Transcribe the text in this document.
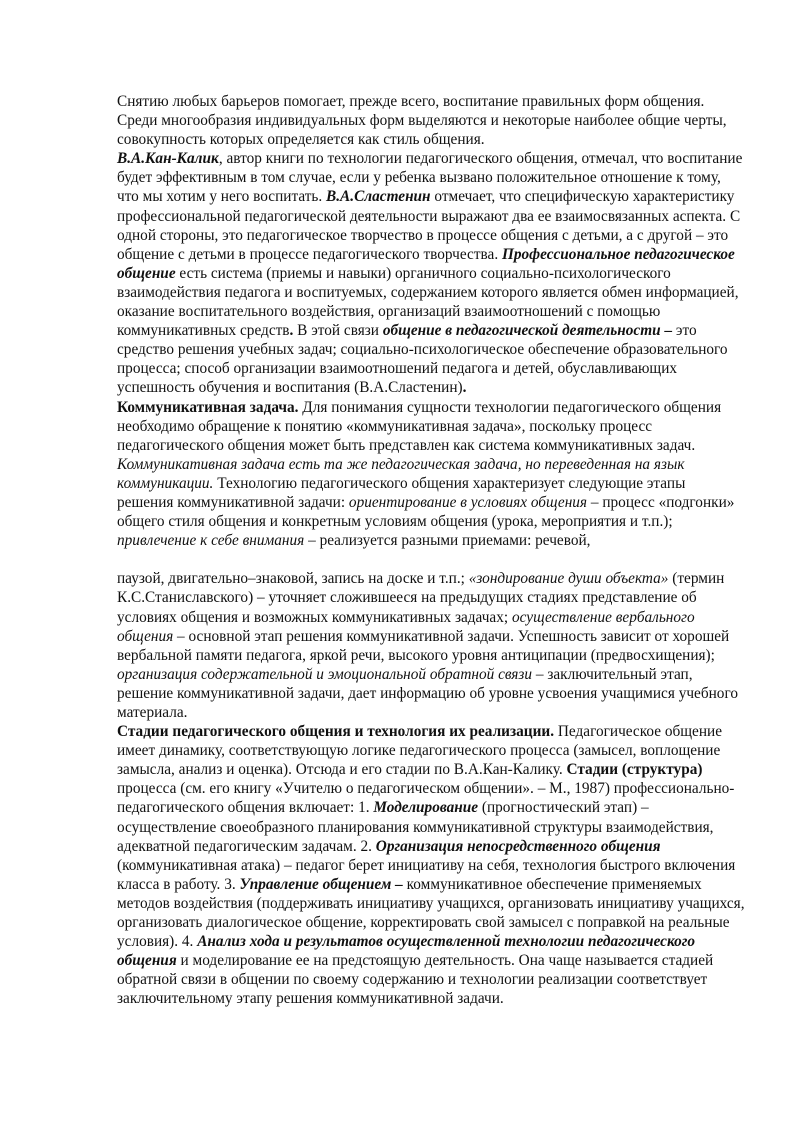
Снятию любых барьеров помогает, прежде всего, воспитание правильных форм общения. Среди многообразия индивидуальных форм выделяются и некоторые наиболее общие черты, совокупность которых определяется как стиль общения.
В.А.Кан-Калик, автор книги по технологии педагогического общения, отмечал, что воспитание будет эффективным в том случае, если у ребенка вызвано положительное отношение к тому, что мы хотим у него воспитать. В.А.Сластенин отмечает, что специфическую характеристику профессиональной педагогической деятельности выражают два ее взаимосвязанных аспекта. С одной стороны, это педагогическое творчество в процессе общения с детьми, а с другой – это общение с детьми в процессе педагогического творчества. Профессиональное педагогическое общение есть система (приемы и навыки) органичного социально-психологического взаимодействия педагога и воспитуемых, содержанием которого является обмен информацией, оказание воспитательного воздействия, организаций взаимоотношений с помощью коммуникативных средств. В этой связи общение в педагогической деятельности – это средство решения учебных задач; социально-психологическое обеспечение образовательного процесса; способ организации взаимоотношений педагога и детей, обуславливающих успешность обучения и воспитания (В.А.Сластенин).
Коммуникативная задача. Для понимания сущности технологии педагогического общения необходимо обращение к понятию «коммуникативная задача», поскольку процесс педагогического общения может быть представлен как система коммуникативных задач. Коммуникативная задача есть та же педагогическая задача, но переведенная на язык коммуникации. Технологию педагогического общения характеризует следующие этапы решения коммуникативной задачи: ориентирование в условиях общения – процесс «подгонки» общего стиля общения и конкретным условиям общения (урока, мероприятия и т.п.); привлечение к себе внимания – реализуется разными приемами: речевой,
паузой, двигательно–знаковой, запись на доске и т.п.; «зондирование души объекта» (термин К.С.Станиславского) – уточняет сложившееся на предыдущих стадиях представление об условиях общения и возможных коммуникативных задачах; осуществление вербального общения – основной этап решения коммуникативной задачи. Успешность зависит от хорошей вербальной памяти педагога, яркой речи, высокого уровня антиципации (предвосхищения); организация содержательной и эмоциональной обратной связи – заключительный этап, решение коммуникативной задачи, дает информацию об уровне усвоения учащимися учебного материала.
Стадии педагогического общения и технология их реализации. Педагогическое общение имеет динамику, соответствующую логике педагогического процесса (замысел, воплощение замысла, анализ и оценка). Отсюда и его стадии по В.А.Кан-Калику. Стадии (структура) процесса (см. его книгу «Учителю о педагогическом общении». – М., 1987) профессионально-педагогического общения включает: 1. Моделирование (прогностический этап) – осуществление своеобразного планирования коммуникативной структуры взаимодействия, адекватной педагогическим задачам. 2. Организация непосредственного общения (коммуникативная атака) – педагог берет инициативу на себя, технология быстрого включения класса в работу. 3. Управление общением – коммуникативное обеспечение применяемых методов воздействия (поддерживать инициативу учащихся, организовать инициативу учащихся, организовать диалогическое общение, корректировать свой замысел с поправкой на реальные условия). 4. Анализ хода и результатов осуществленной технологии педагогического общения и моделирование ее на предстоящую деятельность. Она чаще называется стадией обратной связи в общении по своему содержанию и технологии реализации соответствует заключительному этапу решения коммуникативной задачи.
